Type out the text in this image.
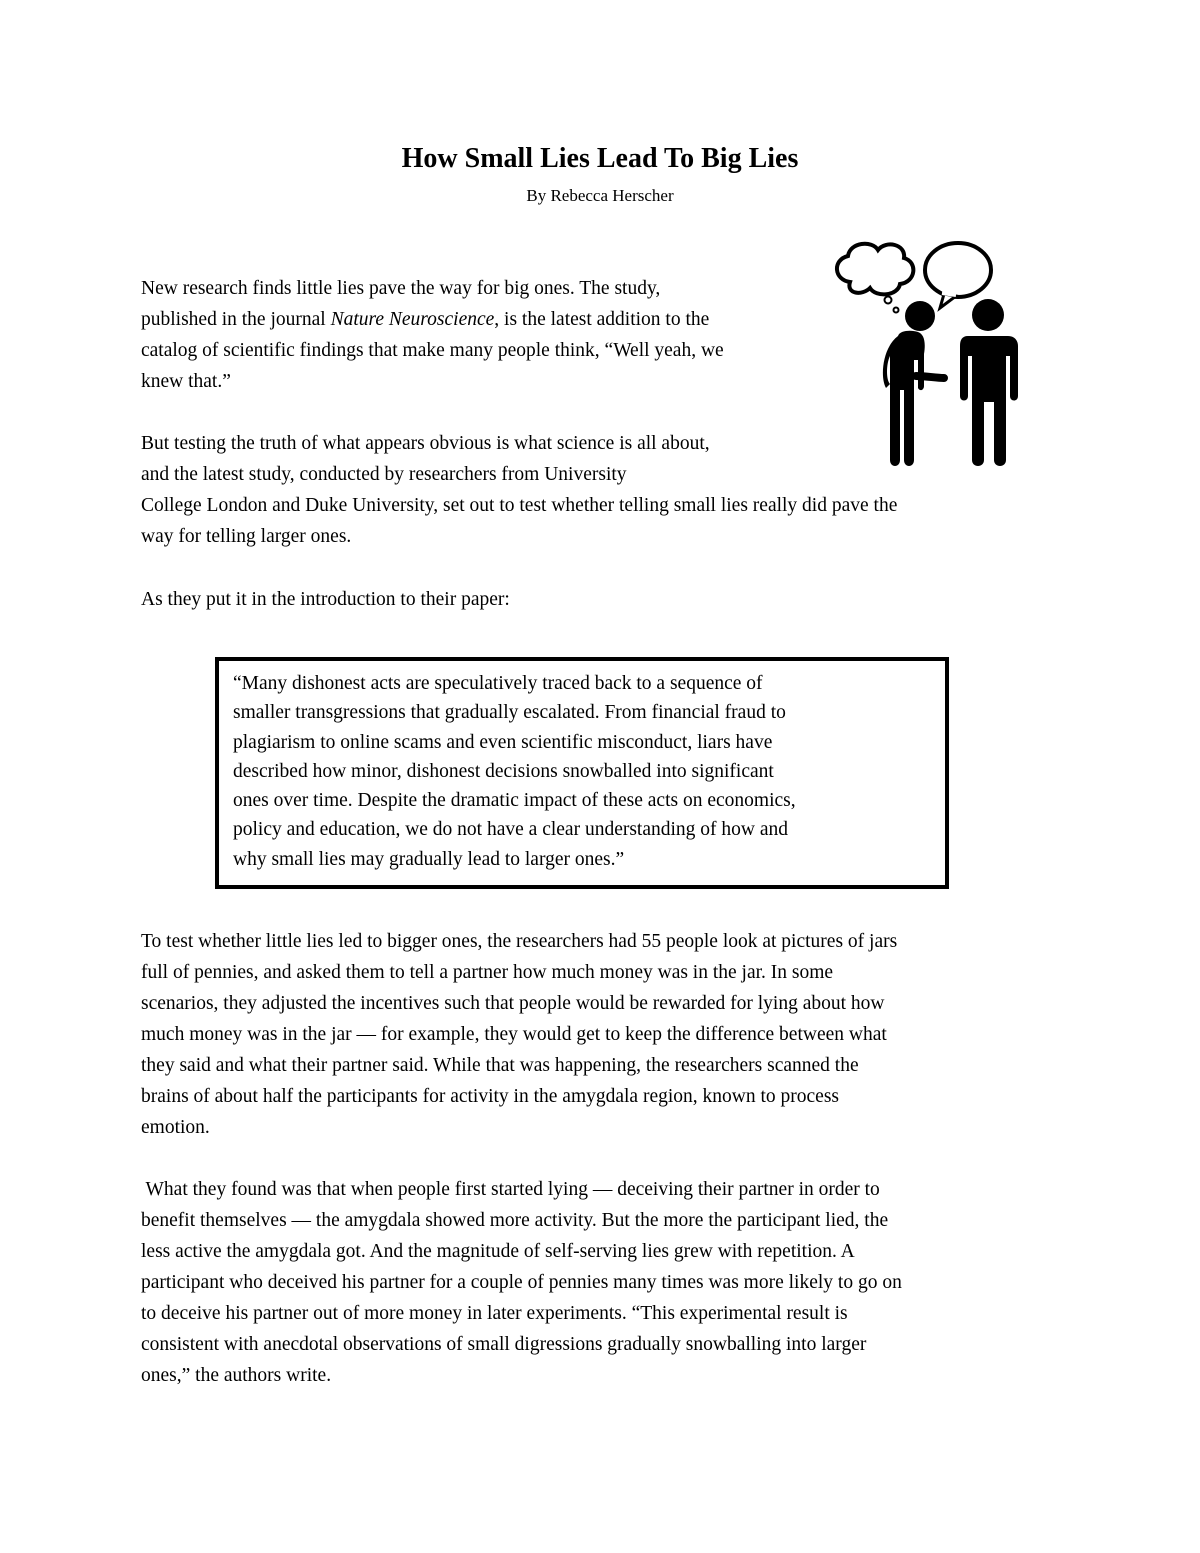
How Small Lies Lead To Big Lies
By Rebecca Herscher
New research finds little lies pave the way for big ones. The study,
published in the journal Nature Neuroscience, is the latest addition to the
catalog of scientific findings that make many people think, “Well yeah, we
knew that.”
But testing the truth of what appears obvious is what science is all about,
and the latest study, conducted by researchers from University
College London and Duke University, set out to test whether telling small lies really did pave the
way for telling larger ones.
As they put it in the introduction to their paper:
“Many dishonest acts are speculatively traced back to a sequence of
smaller transgressions that gradually escalated. From financial fraud to
plagiarism to online scams and even scientific misconduct, liars have
described how minor, dishonest decisions snowballed into significant
ones over time. Despite the dramatic impact of these acts on economics,
policy and education, we do not have a clear understanding of how and
why small lies may gradually lead to larger ones.”
To test whether little lies led to bigger ones, the researchers had 55 people look at pictures of jars
full of pennies, and asked them to tell a partner how much money was in the jar. In some
scenarios, they adjusted the incentives such that people would be rewarded for lying about how
much money was in the jar — for example, they would get to keep the difference between what
they said and what their partner said. While that was happening, the researchers scanned the
brains of about half the participants for activity in the amygdala region, known to process
emotion.
What they found was that when people first started lying — deceiving their partner in order to
benefit themselves — the amygdala showed more activity. But the more the participant lied, the
less active the amygdala got. And the magnitude of self-serving lies grew with repetition. A
participant who deceived his partner for a couple of pennies many times was more likely to go on
to deceive his partner out of more money in later experiments. “This experimental result is
consistent with anecdotal observations of small digressions gradually snowballing into larger
ones,” the authors write.
